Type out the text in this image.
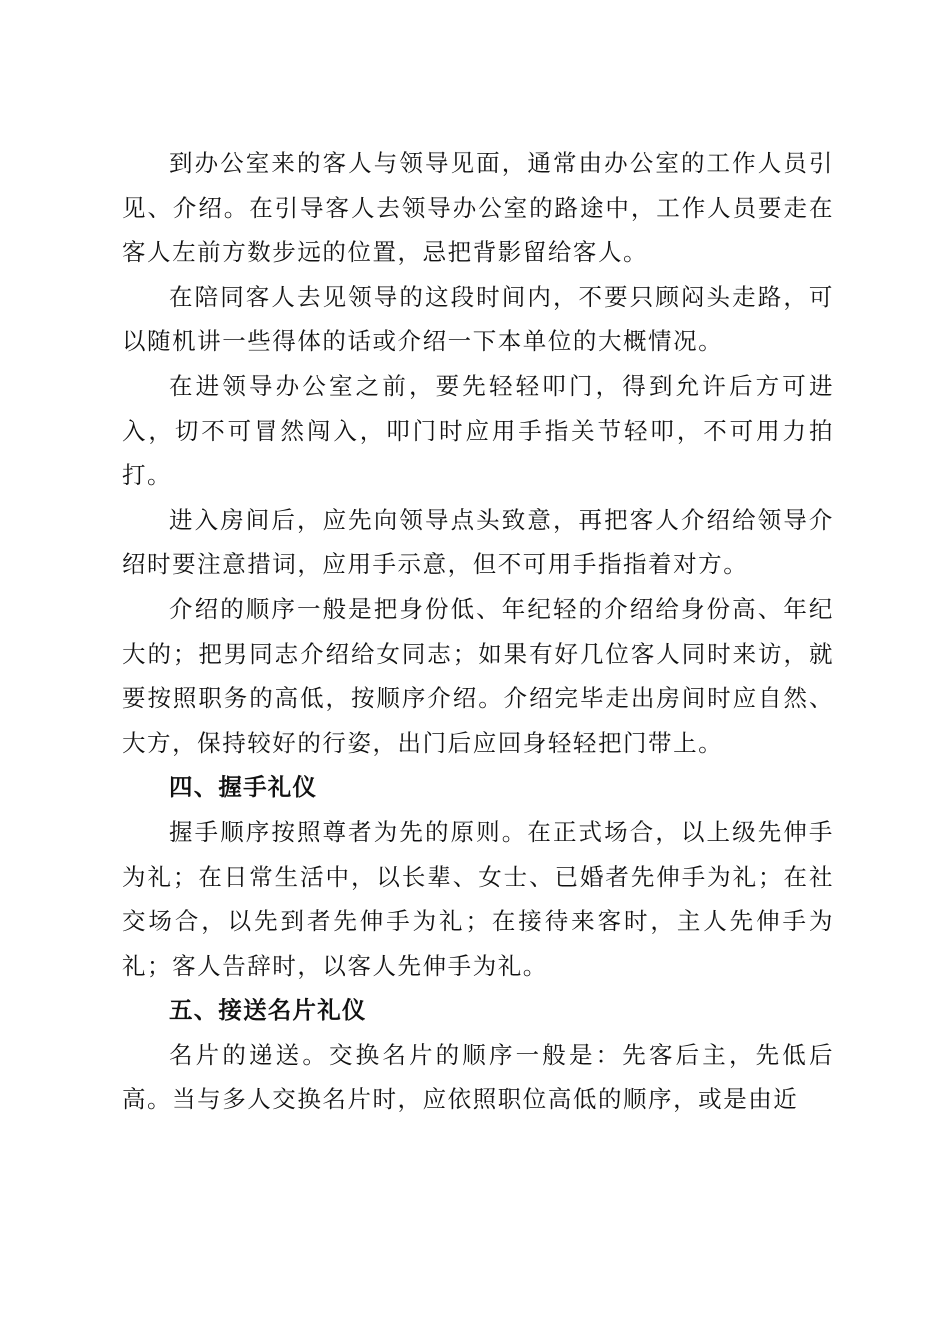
到办公室来的客人与领导见面，通常由办公室的工作人员引见、介绍。在引导客人去领导办公室的路途中，工作人员要走在客人左前方数步远的位置，忌把背影留给客人。

在陪同客人去见领导的这段时间内，不要只顾闷头走路，可以随机讲一些得体的话或介绍一下本单位的大概情况。

在进领导办公室之前，要先轻轻叩门，得到允许后方可进入，切不可冒然闯入，叩门时应用手指关节轻叩，不可用力拍打。

进入房间后，应先向领导点头致意，再把客人介绍给领导介绍时要注意措词，应用手示意，但不可用手指指着对方。

介绍的顺序一般是把身份低、年纪轻的介绍给身份高、年纪大的；把男同志介绍给女同志；如果有好几位客人同时来访，就要按照职务的高低，按顺序介绍。介绍完毕走出房间时应自然、大方，保持较好的行姿，出门后应回身轻轻把门带上。

四、握手礼仪

握手顺序按照尊者为先的原则。在正式场合，以上级先伸手为礼；在日常生活中，以长辈、女士、已婚者先伸手为礼；在社交场合，以先到者先伸手为礼；在接待来客时，主人先伸手为礼；客人告辞时，以客人先伸手为礼。

五、接送名片礼仪

名片的递送。交换名片的顺序一般是：先客后主，先低后高。当与多人交换名片时，应依照职位高低的顺序，或是由近
